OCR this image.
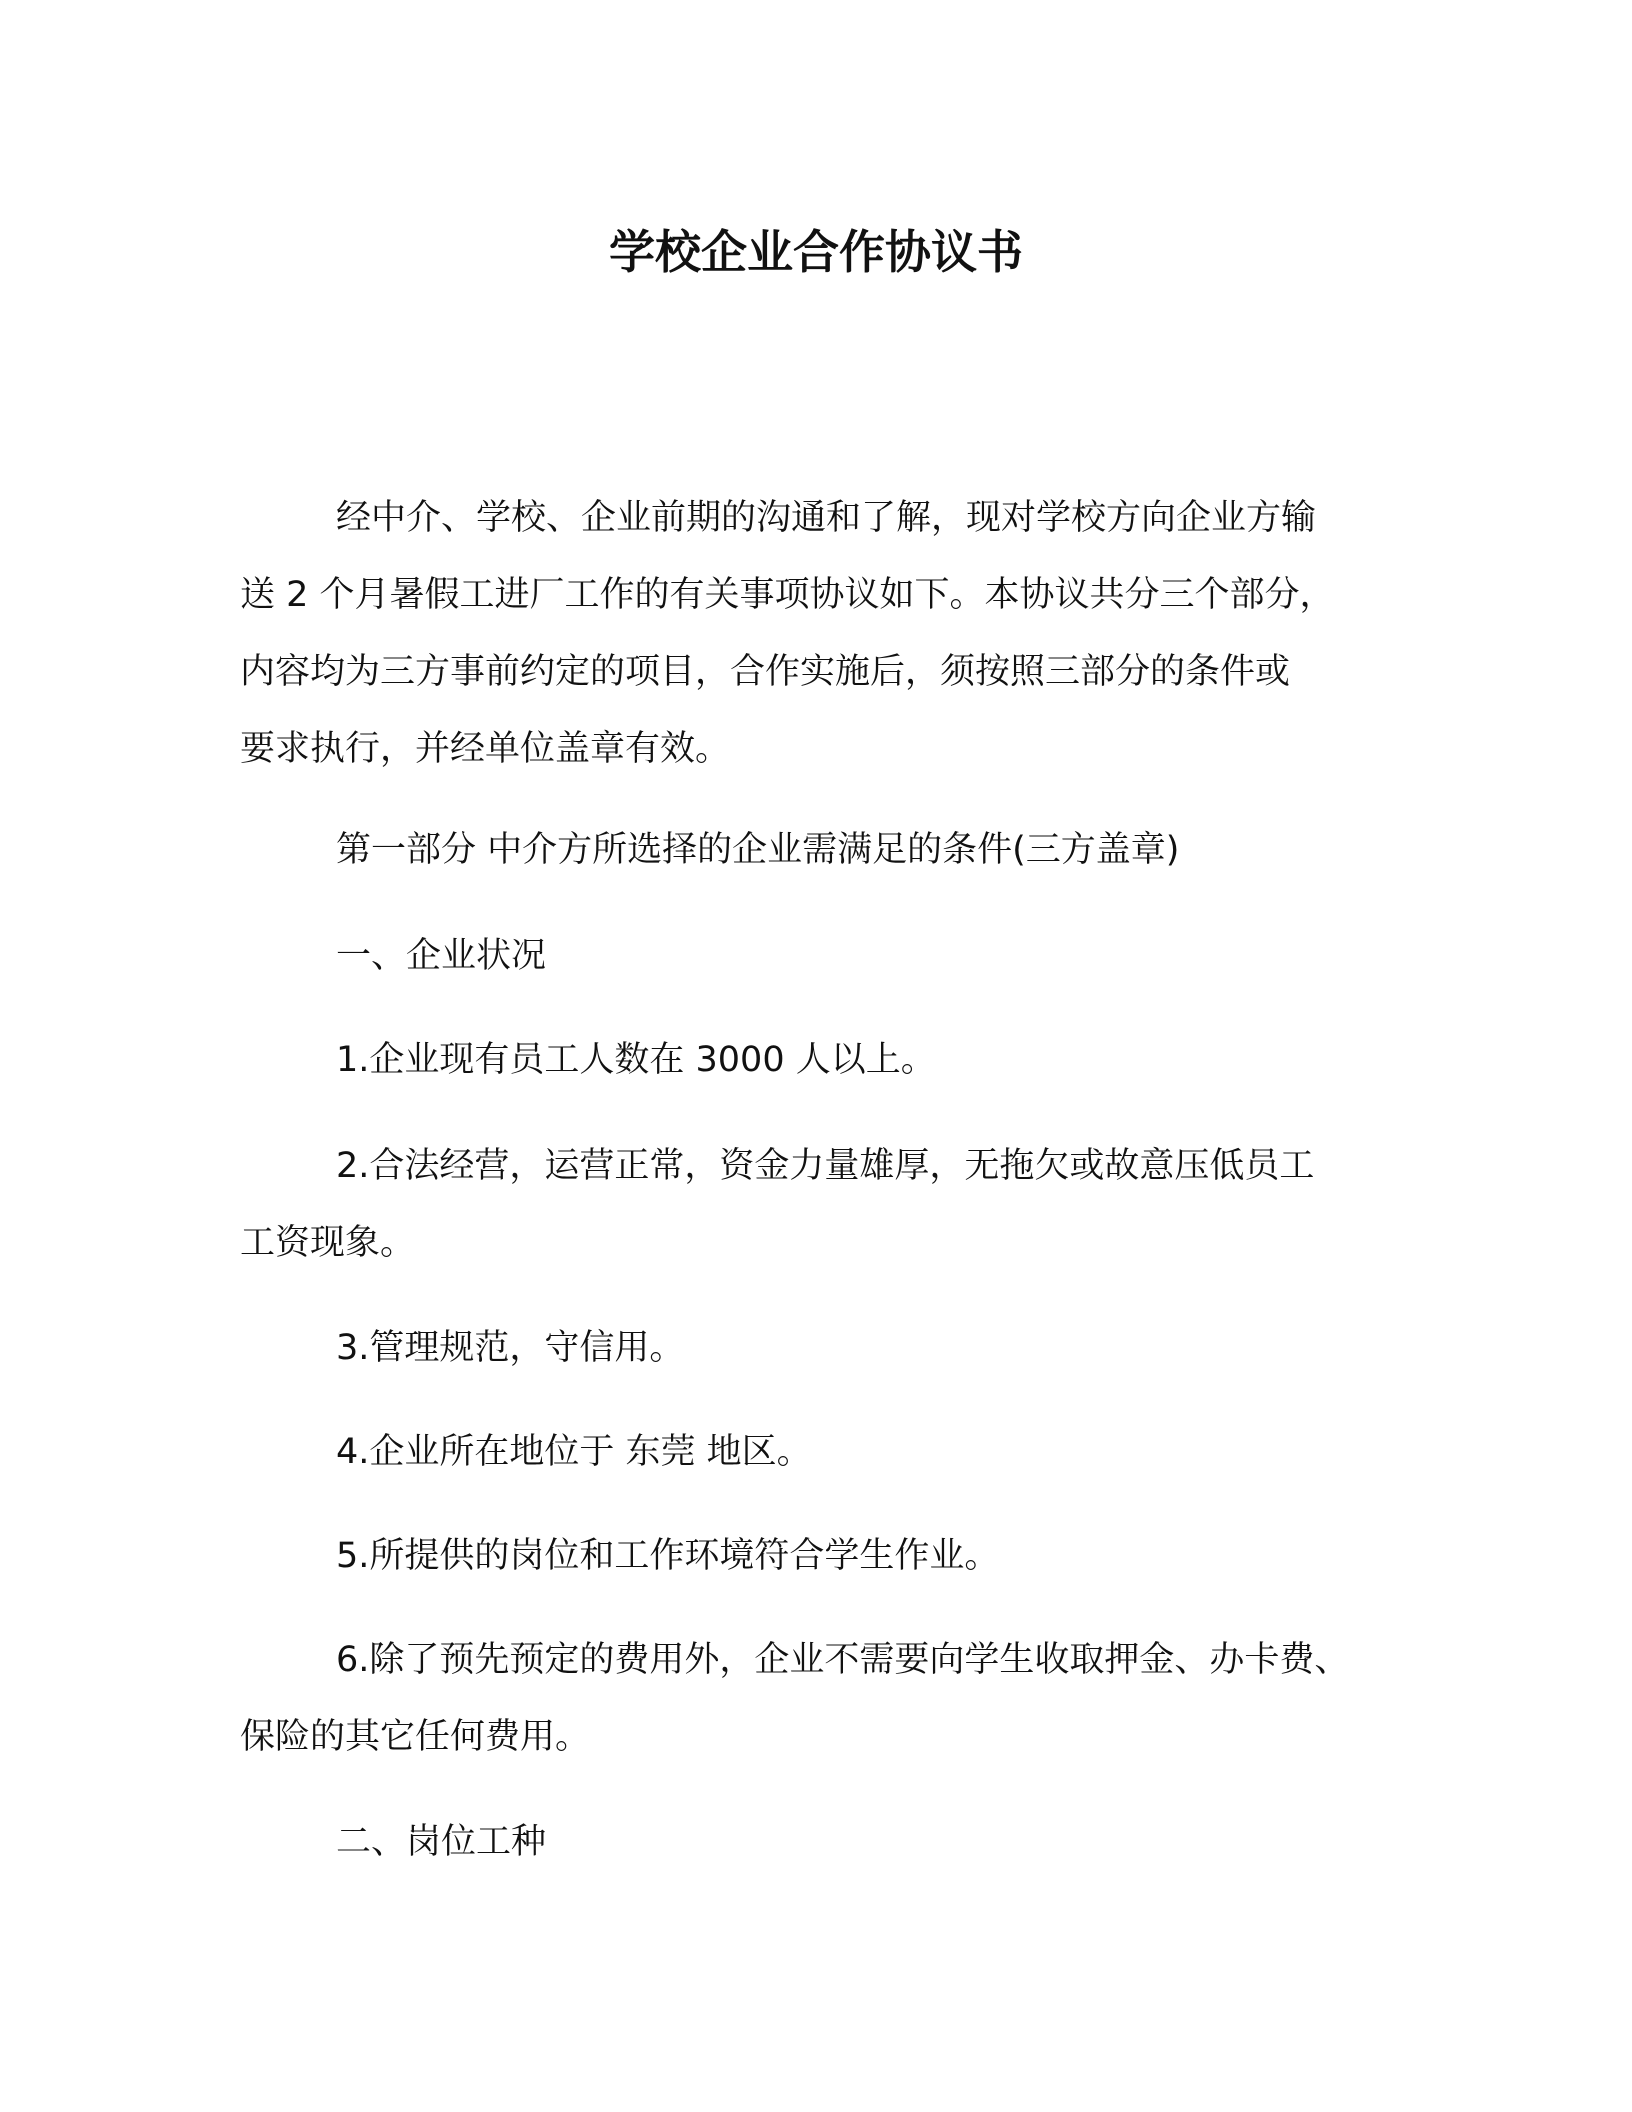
学校企业合作协议书
经中介、学校、企业前期的沟通和了解，现对学校方向企业方输
送 2 个月暑假工进厂工作的有关事项协议如下。本协议共分三个部分，
内容均为三方事前约定的项目，合作实施后，须按照三部分的条件或
要求执行，并经单位盖章有效。
第一部分 中介方所选择的企业需满足的条件(三方盖章)
一、企业状况
1.企业现有员工人数在 3000 人以上。
2.合法经营，运营正常，资金力量雄厚，无拖欠或故意压低员工
工资现象。
3.管理规范，守信用。
4.企业所在地位于 东莞 地区。
5.所提供的岗位和工作环境符合学生作业。
6.除了预先预定的费用外，企业不需要向学生收取押金、办卡费、
保险的其它任何费用。
二、岗位工种
